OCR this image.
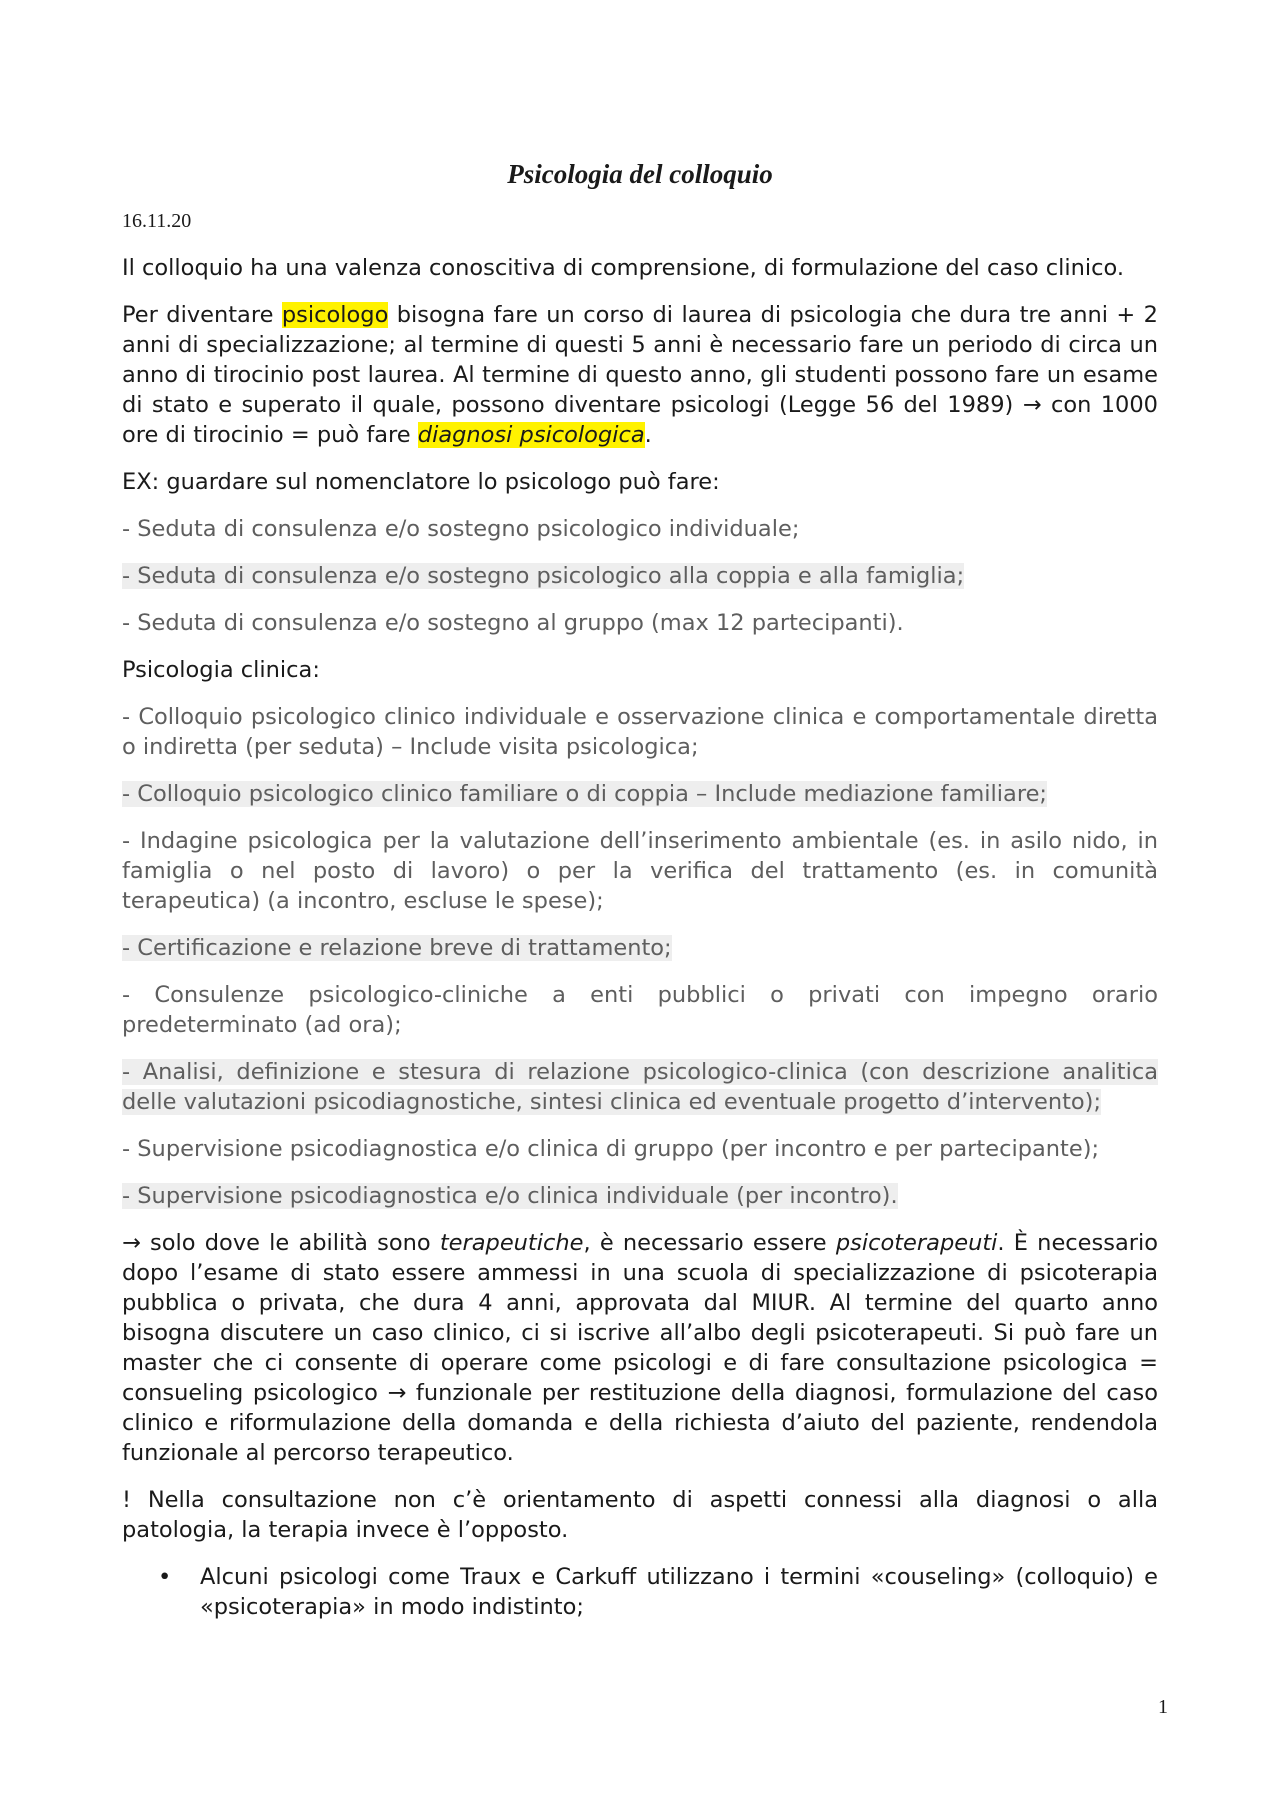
Psicologia del colloquio
16.11.20

Il colloquio ha una valenza conoscitiva di comprensione, di formulazione del caso clinico.

Per diventare psicologo bisogna fare un corso di laurea di psicologia che dura tre anni + 2 anni di specializzazione; al termine di questi 5 anni è necessario fare un periodo di circa un anno di tirocinio post laurea. Al termine di questo anno, gli studenti possono fare un esame di stato e superato il quale, possono diventare psicologi (Legge 56 del 1989) → con 1000 ore di tirocinio = può fare diagnosi psicologica.

EX: guardare sul nomenclatore lo psicologo può fare:

- Seduta di consulenza e/o sostegno psicologico individuale;

- Seduta di consulenza e/o sostegno psicologico alla coppia e alla famiglia;

- Seduta di consulenza e/o sostegno al gruppo (max 12 partecipanti).

Psicologia clinica:

- Colloquio psicologico clinico individuale e osservazione clinica e comportamentale diretta o indiretta (per seduta) – Include visita psicologica;

- Colloquio psicologico clinico familiare o di coppia – Include mediazione familiare;

- Indagine psicologica per la valutazione dell’inserimento ambientale (es. in asilo nido, in famiglia o nel posto di lavoro) o per la verifica del trattamento (es. in comunità terapeutica) (a incontro, escluse le spese);

- Certificazione e relazione breve di trattamento;

- Consulenze psicologico-cliniche a enti pubblici o privati con impegno orario predeterminato (ad ora);

- Analisi, definizione e stesura di relazione psicologico-clinica (con descrizione analitica delle valutazioni psicodiagnostiche, sintesi clinica ed eventuale progetto d’intervento);

- Supervisione psicodiagnostica e/o clinica di gruppo (per incontro e per partecipante);

- Supervisione psicodiagnostica e/o clinica individuale (per incontro).

→ solo dove le abilità sono terapeutiche, è necessario essere psicoterapeuti. È necessario dopo l’esame di stato essere ammessi in una scuola di specializzazione di psicoterapia pubblica o privata, che dura 4 anni, approvata dal MIUR. Al termine del quarto anno bisogna discutere un caso clinico, ci si iscrive all’albo degli psicoterapeuti. Si può fare un master che ci consente di operare come psicologi e di fare consultazione psicologica = consueling psicologico → funzionale per restituzione della diagnosi, formulazione del caso clinico e riformulazione della domanda e della richiesta d’aiuto del paziente, rendendola funzionale al percorso terapeutico.

! Nella consultazione non c’è orientamento di aspetti connessi alla diagnosi o alla patologia, la terapia invece è l’opposto.

• Alcuni psicologi come Traux e Carkuff utilizzano i termini «couseling» (colloquio) e «psicoterapia» in modo indistinto;
1
